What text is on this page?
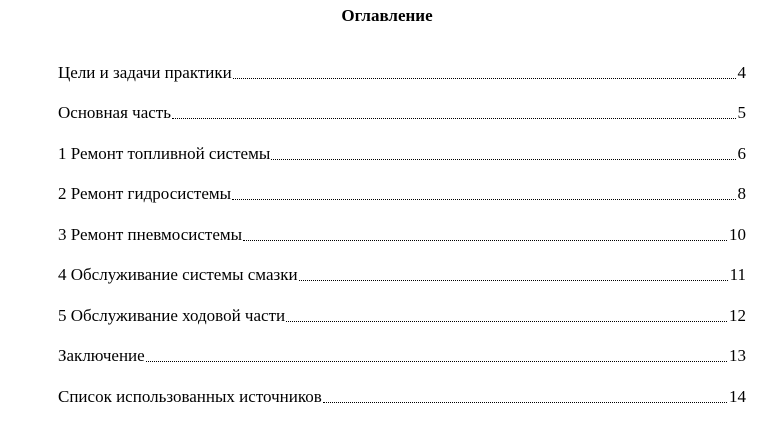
Оглавление
Цели и задачи практики	4
Основная часть	5
1 Ремонт топливной системы	6
2 Ремонт гидросистемы	8
3 Ремонт пневмосистемы	10
4 Обслуживание системы смазки	11
5 Обслуживание ходовой части	12
Заключение	13
Список использованных источников	14
